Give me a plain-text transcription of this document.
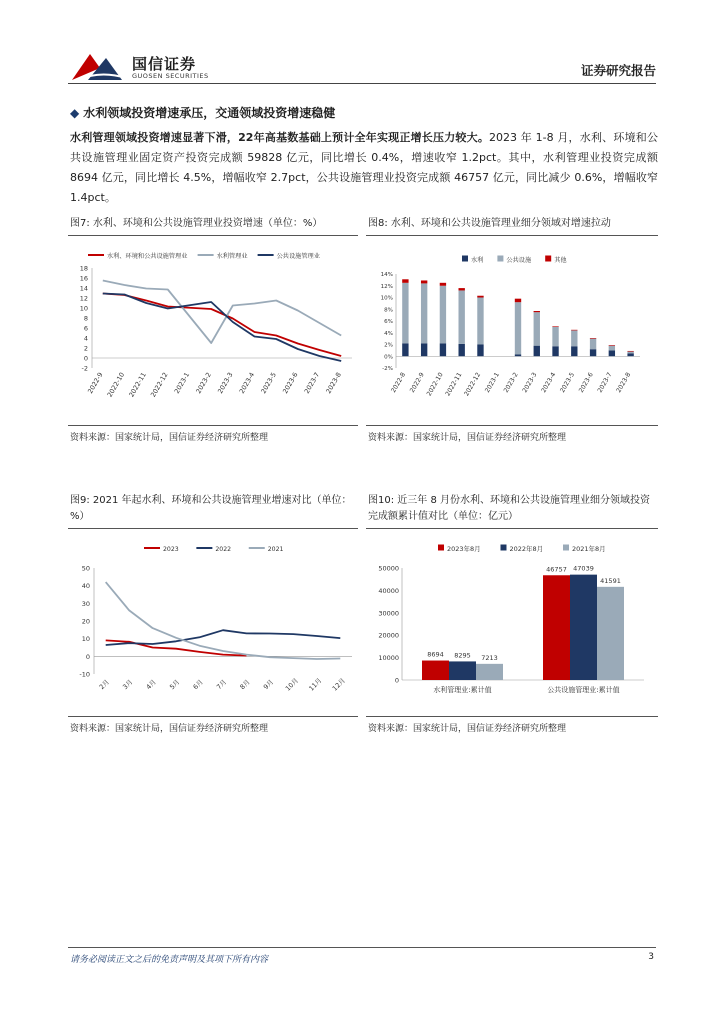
国信证券
GUOSEN SECURITIES	证券研究报告
◆ 水利领域投资增速承压，交通领域投资增速稳健
水利管理领域投资增速显著下滑，22年高基数基础上预计全年实现正增长压力较大。2023 年 1-8 月，水利、环境和公共设施管理业固定资产投资完成额 59828 亿元，同比增长 0.4%，增速收窄 1.2pct。其中，水利管理业投资完成额 8694 亿元，同比增长 4.5%，增幅收窄 2.7pct，公共设施管理业投资完成额 46757 亿元，同比减少 0.6%，增幅收窄 1.4pct。
图7: 水利、环境和公共设施管理业投资增速（单位：%）
水利、环境和公共设施管理业	水利管理业	公共设施管理业
-2
0
2
4
6
8
10
12
14
16
18
2022-9 2022-10 2022-11 2022-12 2023-1 2023-2 2023-3 2023-4 2023-5 2023-6 2023-7 2023-8
资料来源：国家统计局，国信证券经济研究所整理
图8: 水利、环境和公共设施管理业细分领域对增速拉动
水利	公共设施	其他
-2%
0%
2%
4%
6%
8%
10%
12%
14%
2022-8 2022-9 2022-10 2022-11 2022-12 2023-1 2023-2 2023-3 2023-4 2023-5 2023-6 2023-7 2023-8
资料来源：国家统计局，国信证券经济研究所整理
图9: 2021 年起水利、环境和公共设施管理业增速对比（单位：%）
2023	2022	2021
-10
0
10
20
30
40
50
2月 3月 4月 5月 6月 7月 8月 9月 10月 11月 12月
资料来源：国家统计局，国信证券经济研究所整理
图10: 近三年 8 月份水利、环境和公共设施管理业细分领域投资完成额累计值对比（单位：亿元）
2023年8月	2022年8月	2021年8月
0
10000
20000
30000
40000
50000
8694 8295 7213
水利管理业:累计值
46757 47039
41591
公共设施管理业:累计值
资料来源：国家统计局，国信证券经济研究所整理
请务必阅读正文之后的免责声明及其项下所有内容	3
